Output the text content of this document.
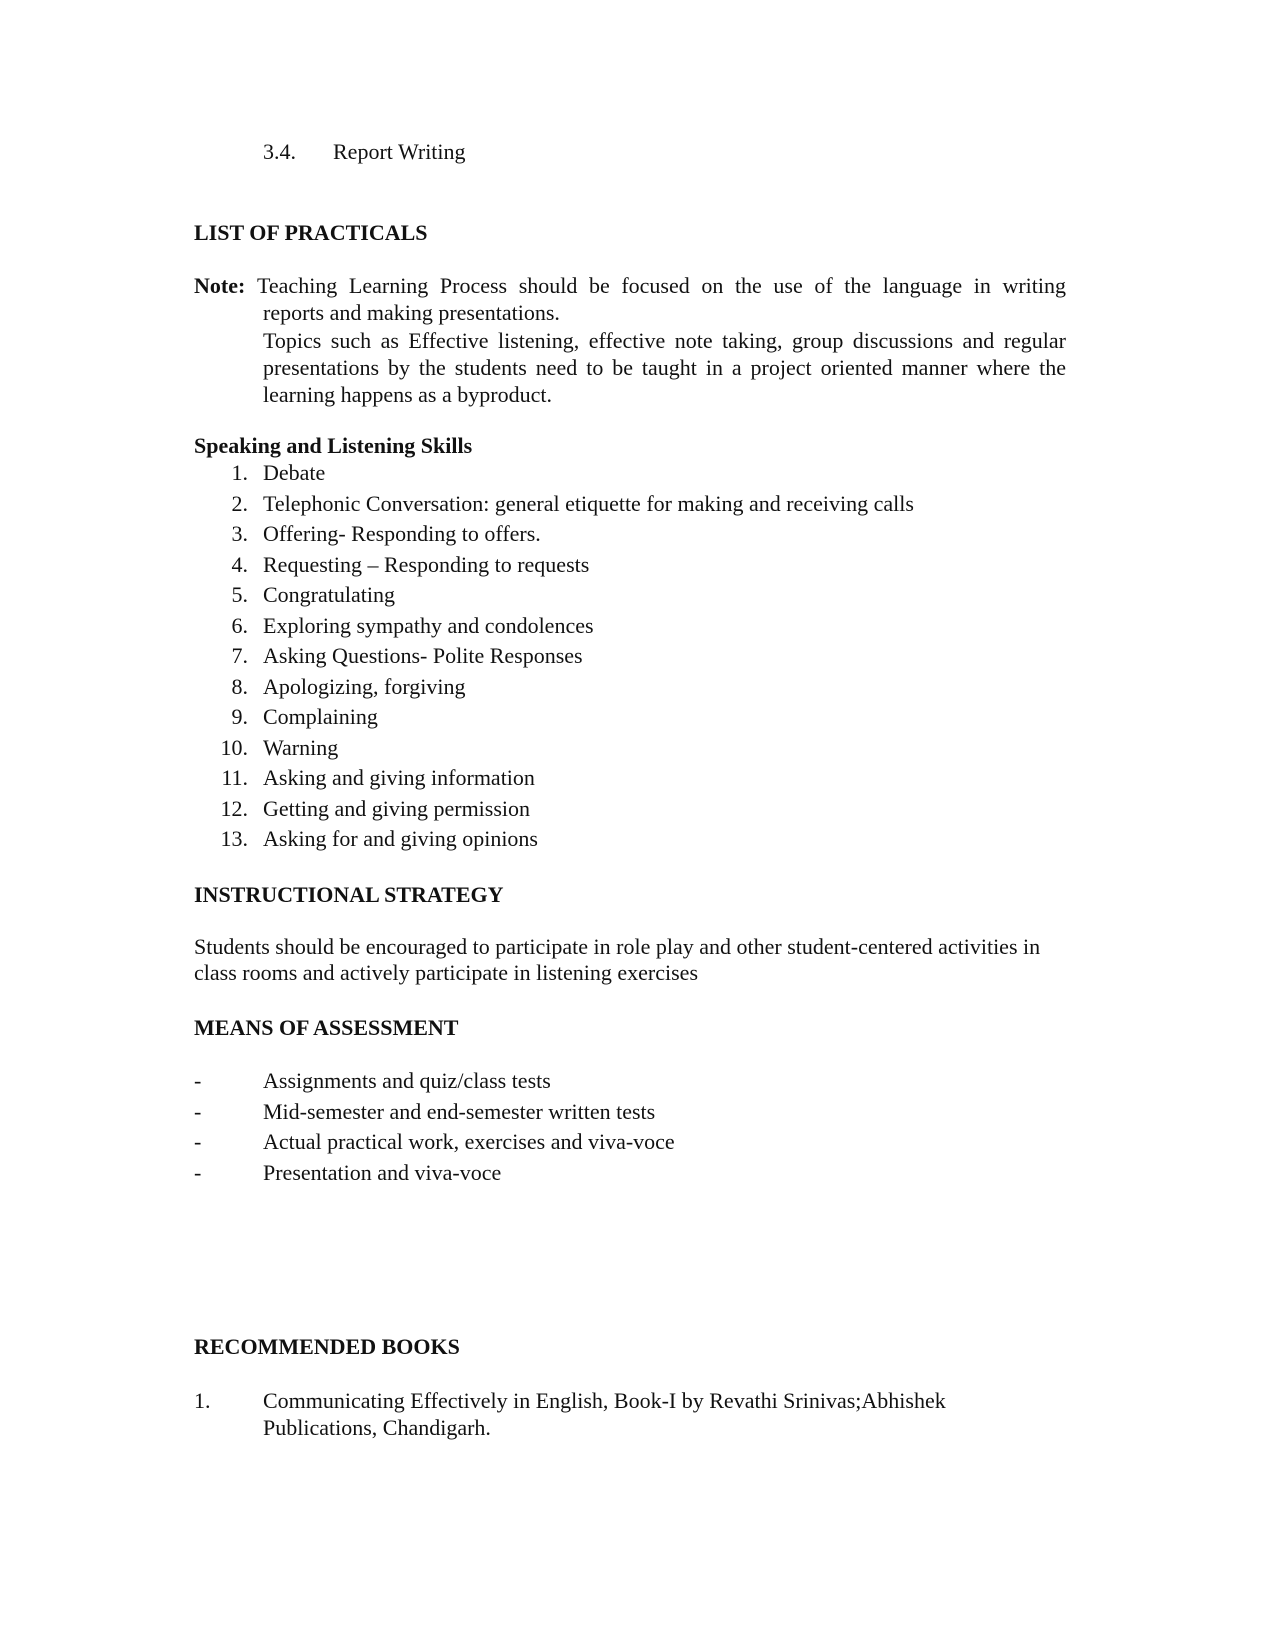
3.4. Report Writing
LIST OF PRACTICALS
Note: Teaching Learning Process should be focused on the use of the language in writing
reports and making presentations.
Topics such as Effective listening, effective note taking, group discussions and regular presentations by the students need to be taught in a project oriented manner where the learning happens as a byproduct.
Speaking and Listening Skills
1. Debate
2. Telephonic Conversation: general etiquette for making and receiving calls
3. Offering- Responding to offers.
4. Requesting – Responding to requests
5. Congratulating
6. Exploring sympathy and condolences
7. Asking Questions- Polite Responses
8. Apologizing, forgiving
9. Complaining
10. Warning
11. Asking and giving information
12. Getting and giving permission
13. Asking for and giving opinions
INSTRUCTIONAL STRATEGY
Students should be encouraged to participate in role play and other student-centered activities in class rooms and actively participate in listening exercises
MEANS OF ASSESSMENT
-	Assignments and quiz/class tests
-	Mid-semester and end-semester written tests
-	Actual practical work, exercises and viva-voce
-	Presentation and viva-voce
RECOMMENDED BOOKS
1. Communicating Effectively in English, Book-I by Revathi Srinivas;Abhishek
Publications, Chandigarh.
